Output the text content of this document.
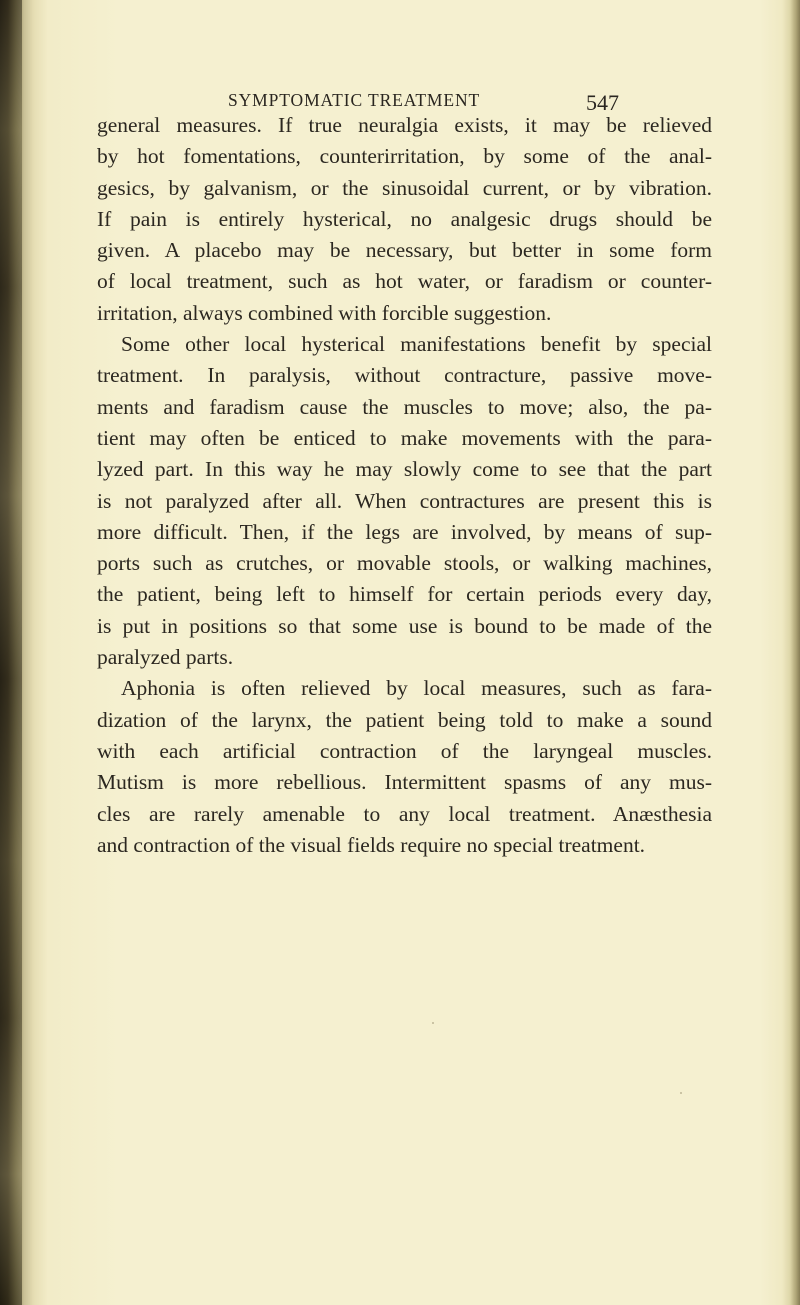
SYMPTOMATIC TREATMENT	547
general measures. If true neuralgia exists, it may be relieved
by hot fomentations, counterirritation, by some of the anal-
gesics, by galvanism, or the sinusoidal current, or by vibration.
If pain is entirely hysterical, no analgesic drugs should be
given. A placebo may be necessary, but better in some form
of local treatment, such as hot water, or faradism or counter-
irritation, always combined with forcible suggestion.
Some other local hysterical manifestations benefit by special
treatment. In paralysis, without contracture, passive move-
ments and faradism cause the muscles to move; also, the pa-
tient may often be enticed to make movements with the para-
lyzed part. In this way he may slowly come to see that the part
is not paralyzed after all. When contractures are present this is
more difficult. Then, if the legs are involved, by means of sup-
ports such as crutches, or movable stools, or walking machines,
the patient, being left to himself for certain periods every day,
is put in positions so that some use is bound to be made of the
paralyzed parts.
Aphonia is often relieved by local measures, such as fara-
dization of the larynx, the patient being told to make a sound
with each artificial contraction of the laryngeal muscles.
Mutism is more rebellious. Intermittent spasms of any mus-
cles are rarely amenable to any local treatment. Anæsthesia
and contraction of the visual fields require no special treatment.
